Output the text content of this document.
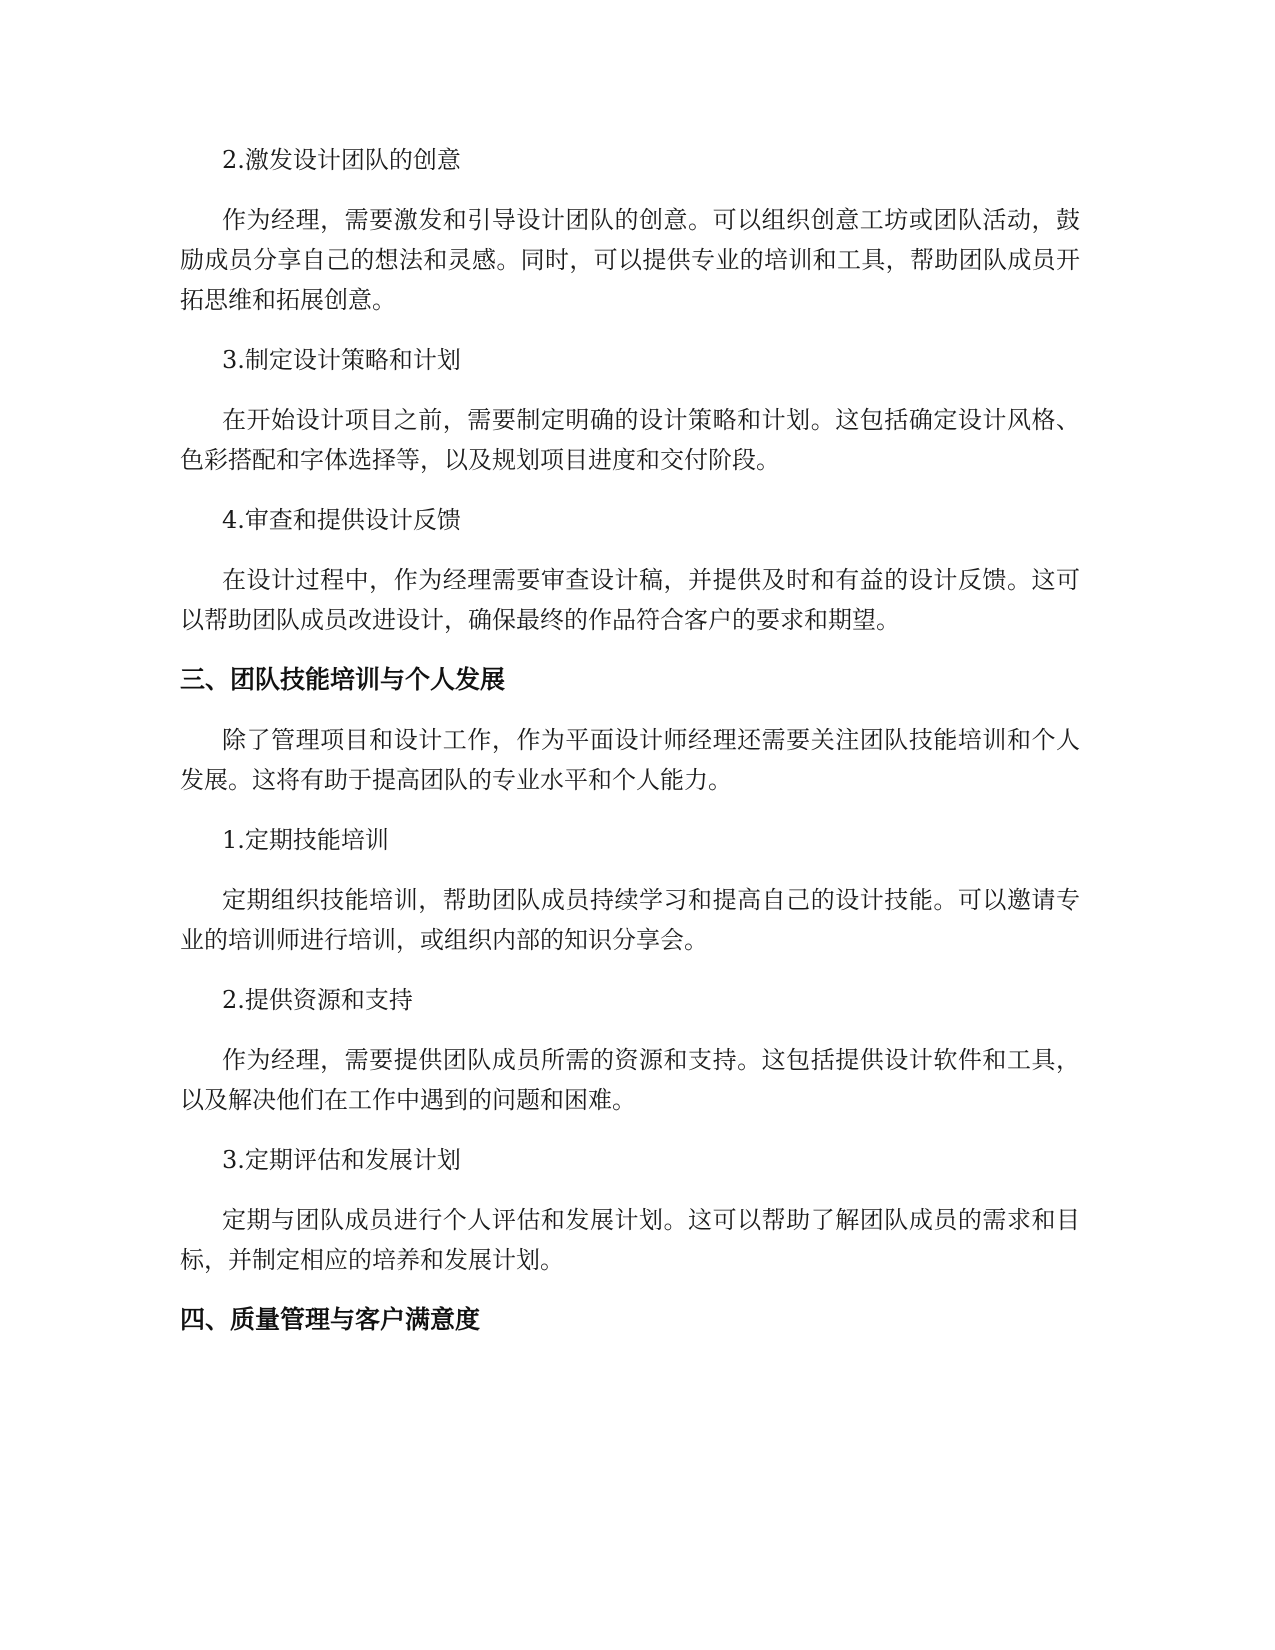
2.激发设计团队的创意

作为经理，需要激发和引导设计团队的创意。可以组织创意工坊或团队活动，鼓励成员分享自己的想法和灵感。同时，可以提供专业的培训和工具，帮助团队成员开拓思维和拓展创意。

3.制定设计策略和计划

在开始设计项目之前，需要制定明确的设计策略和计划。这包括确定设计风格、色彩搭配和字体选择等，以及规划项目进度和交付阶段。

4.审查和提供设计反馈

在设计过程中，作为经理需要审查设计稿，并提供及时和有益的设计反馈。这可以帮助团队成员改进设计，确保最终的作品符合客户的要求和期望。

三、团队技能培训与个人发展

除了管理项目和设计工作，作为平面设计师经理还需要关注团队技能培训和个人发展。这将有助于提高团队的专业水平和个人能力。

1.定期技能培训

定期组织技能培训，帮助团队成员持续学习和提高自己的设计技能。可以邀请专业的培训师进行培训，或组织内部的知识分享会。

2.提供资源和支持

作为经理，需要提供团队成员所需的资源和支持。这包括提供设计软件和工具，以及解决他们在工作中遇到的问题和困难。

3.定期评估和发展计划

定期与团队成员进行个人评估和发展计划。这可以帮助了解团队成员的需求和目标，并制定相应的培养和发展计划。

四、质量管理与客户满意度
